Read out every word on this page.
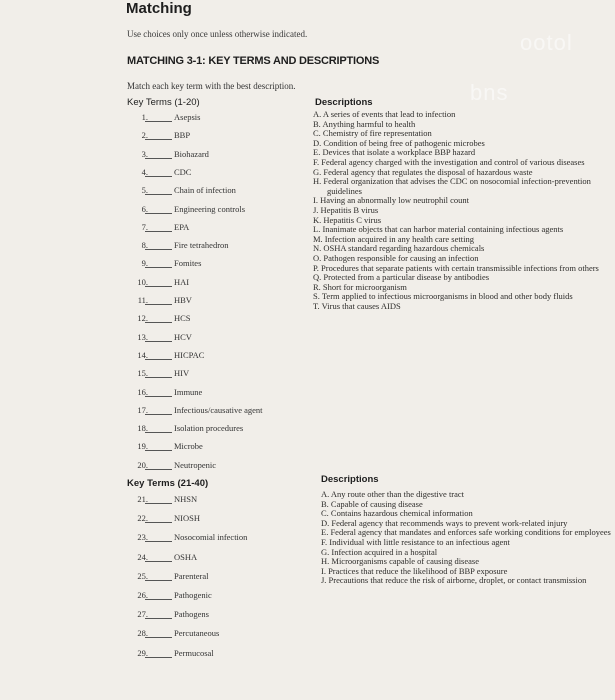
ootol
bns
Matching

Use choices only once unless otherwise indicated.

MATCHING 3-1: KEY TERMS AND DESCRIPTIONS

Match each key term with the best description.

Key Terms (1-20)	Descriptions
1.	Asepsis
2.	BBP
3.	Biohazard
4.	CDC
5.	Chain of infection
6.	Engineering controls
7.	EPA
8.	Fire tetrahedron
9.	Fomites
10.	HAI
11.	HBV
12.	HCS
13.	HCV
14.	HICPAC
15.	HIV
16.	Immune
17.	Infectious/causative agent
18.	Isolation procedures
19.	Microbe
20.	Neutropenic
A. A series of events that lead to infection
B. Anything harmful to health
C. Chemistry of fire representation
D. Condition of being free of pathogenic microbes
E. Devices that isolate a workplace BBP hazard
F. Federal agency charged with the investigation and control of various diseases
G. Federal agency that regulates the disposal of hazardous waste
H. Federal organization that advises the CDC on nosocomial infection-prevention guidelines
I. Having an abnormally low neutrophil count
J. Hepatitis B virus
K. Hepatitis C virus
L. Inanimate objects that can harbor material containing infectious agents
M. Infection acquired in any health care setting
N. OSHA standard regarding hazardous chemicals
O. Pathogen responsible for causing an infection
P. Procedures that separate patients with certain transmissible infections from others
Q. Protected from a particular disease by antibodies
R. Short for microorganism
S. Term applied to infectious microorganisms in blood and other body fluids
T. Virus that causes AIDS
Key Terms (21-40)	Descriptions
21.	NHSN
22.	NIOSH
23.	Nosocomial infection
24.	OSHA
25.	Parenteral
26.	Pathogenic
27.	Pathogens
28.	Percutaneous
29.	Permucosal
A. Any route other than the digestive tract
B. Capable of causing disease
C. Contains hazardous chemical information
D. Federal agency that recommends ways to prevent work-related injury
E. Federal agency that mandates and enforces safe working conditions for employees
F. Individual with little resistance to an infectious agent
G. Infection acquired in a hospital
H. Microorganisms capable of causing disease
I. Practices that reduce the likelihood of BBP exposure
J. Precautions that reduce the risk of airborne, droplet, or contact transmission
